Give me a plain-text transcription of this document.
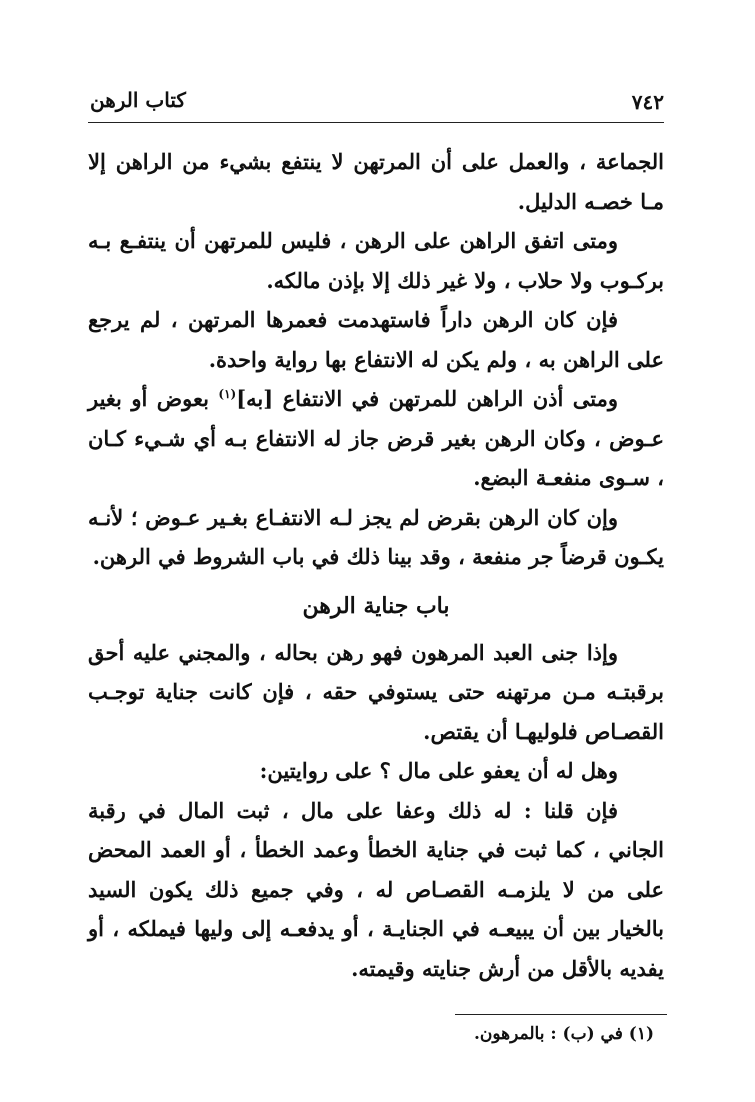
٧٤٢
كتاب الرهن

الجماعة ، والعمل على أن المرتهن لا ينتفع بشيء من الراهن إلا مـا خصـه الدليل.

ومتى اتفق الراهن على الرهن ، فليس للمرتهن أن ينتفـع بـه بركـوب ولا حلاب ، ولا غير ذلك إلا بإذن مالكه.

فإن كان الرهن داراً فاستهدمت فعمرها المرتهن ، لم يرجع على الراهن به ، ولم يكن له الانتفاع بها رواية واحدة.

ومتى أذن الراهن للمرتهن في الانتفاع [به]$^{(١)}$ بعوض أو بغير عـوض ، وكان الرهن بغير قرض جاز له الانتفاع بـه أي شـيء كـان ، سـوى منفعـة البضع.

وإن كان الرهن بقرض لم يجز لـه الانتفـاع بغـير عـوض ؛ لأنـه يكـون قرضاً جر منفعة ، وقد بينا ذلك في باب الشروط في الرهن.

باب جناية الرهن

وإذا جنى العبد المرهون فهو رهن بحاله ، والمجني عليه أحق برقبتـه مـن مرتهنه حتى يستوفي حقه ، فإن كانت جناية توجـب القصـاص فلوليهـا أن يقتص.

وهل له أن يعفو على مال ؟ على روايتين:

فإن قلنا : له ذلك وعفا على مال ، ثبت المال في رقبة الجاني ، كما ثبت في جناية الخطأ وعمد الخطأ ، أو العمد المحض على من لا يلزمـه القصـاص له ، وفي جميع ذلك يكون السيد بالخيار بين أن يبيعـه في الجنايـة ، أو يدفعـه إلى وليها فيملكه ، أو يفديه بالأقل من أرش جنايته وقيمته.

(١) في (ب) : بالمرهون.
